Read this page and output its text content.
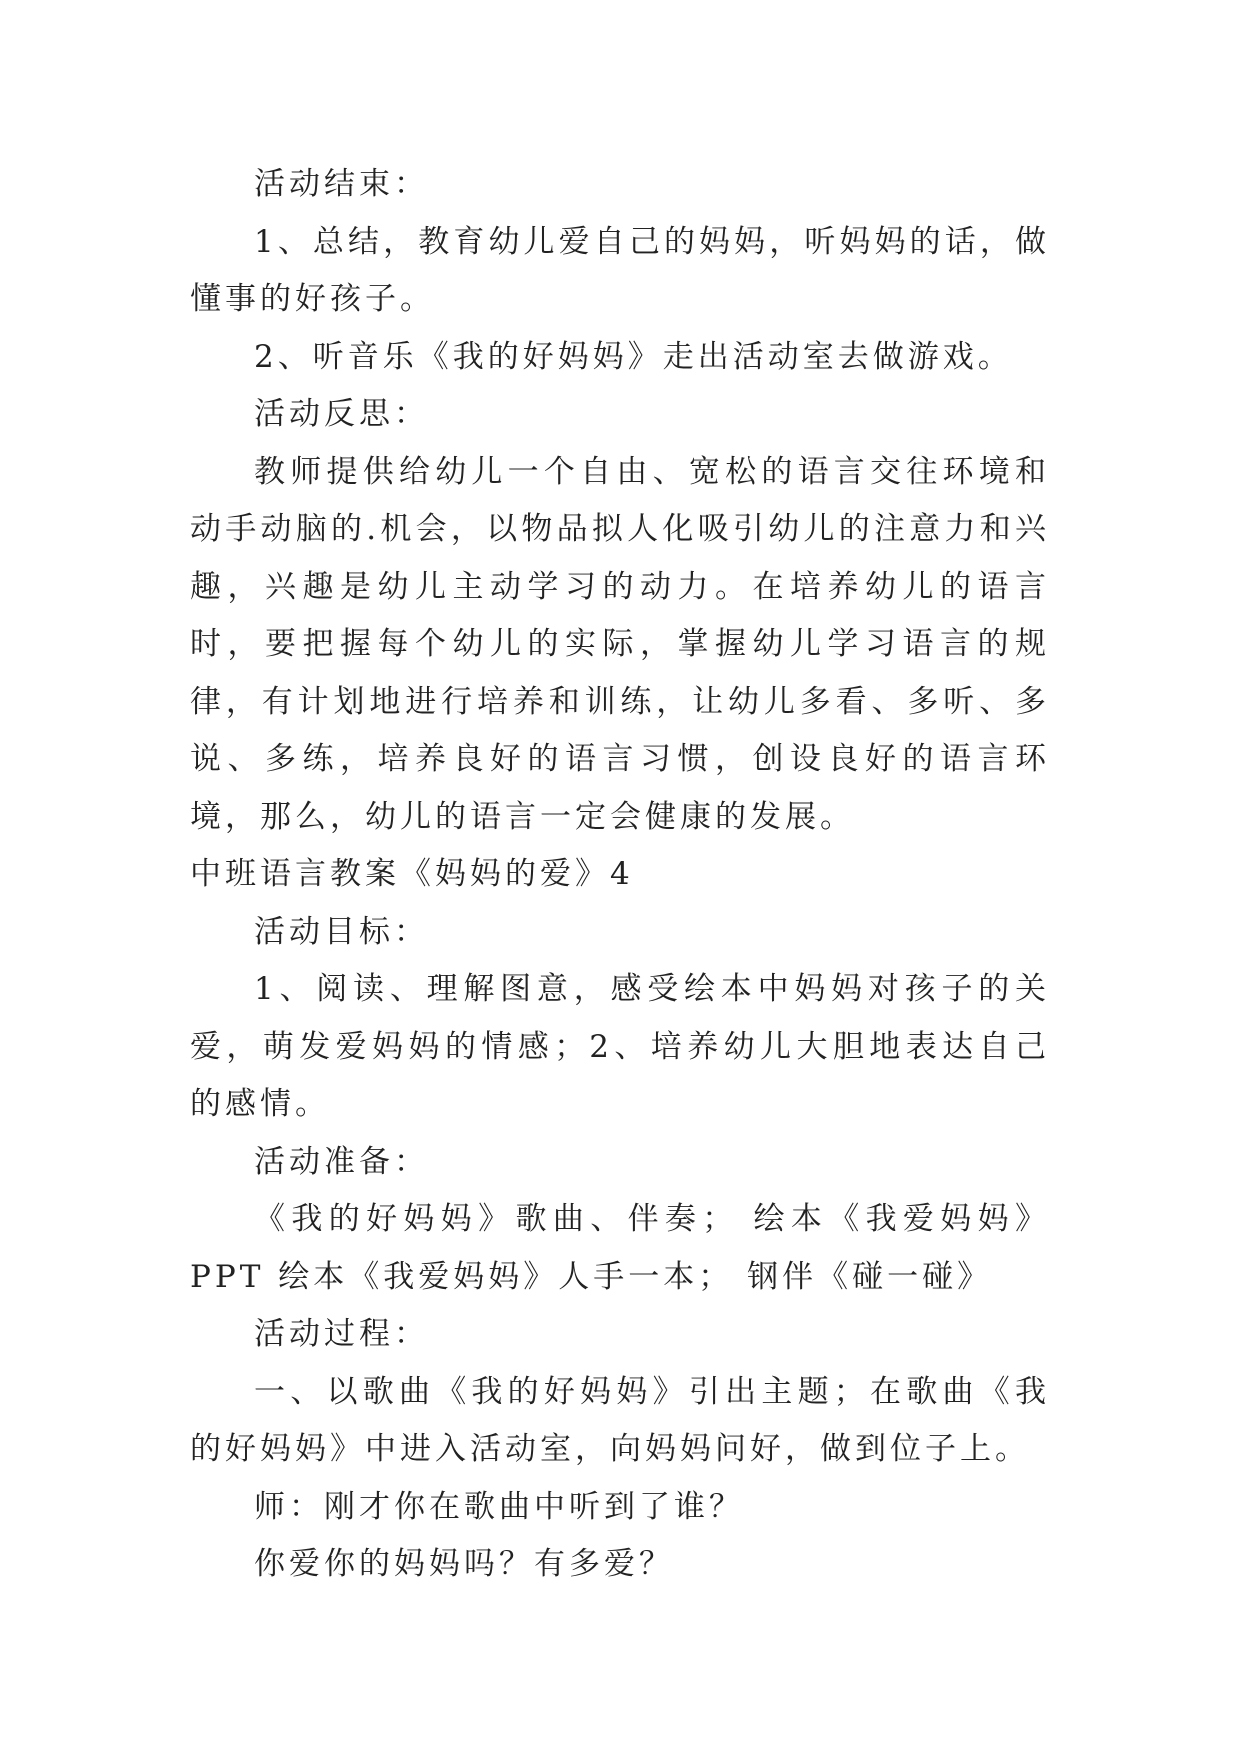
活动结束：

1、总结，教育幼儿爱自己的妈妈，听妈妈的话，做懂事的好孩子。

2、听音乐《我的好妈妈》走出活动室去做游戏。

活动反思：

教师提供给幼儿一个自由、宽松的语言交往环境和动手动脑的.机会，以物品拟人化吸引幼儿的注意力和兴趣，兴趣是幼儿主动学习的动力。在培养幼儿的语言时，要把握每个幼儿的实际，掌握幼儿学习语言的规律，有计划地进行培养和训练，让幼儿多看、多听、多说、多练，培养良好的语言习惯，创设良好的语言环境，那么，幼儿的语言一定会健康的发展。

中班语言教案《妈妈的爱》4

活动目标：

1、阅读、理解图意，感受绘本中妈妈对孩子的关爱，萌发爱妈妈的情感；2、培养幼儿大胆地表达自己的感情。

活动准备：

《我的好妈妈》歌曲、伴奏； 绘本《我爱妈妈》PPT 绘本《我爱妈妈》人手一本； 钢伴《碰一碰》

活动过程：

一、以歌曲《我的好妈妈》引出主题；在歌曲《我的好妈妈》中进入活动室，向妈妈问好，做到位子上。

师：刚才你在歌曲中听到了谁？

你爱你的妈妈吗？有多爱？
